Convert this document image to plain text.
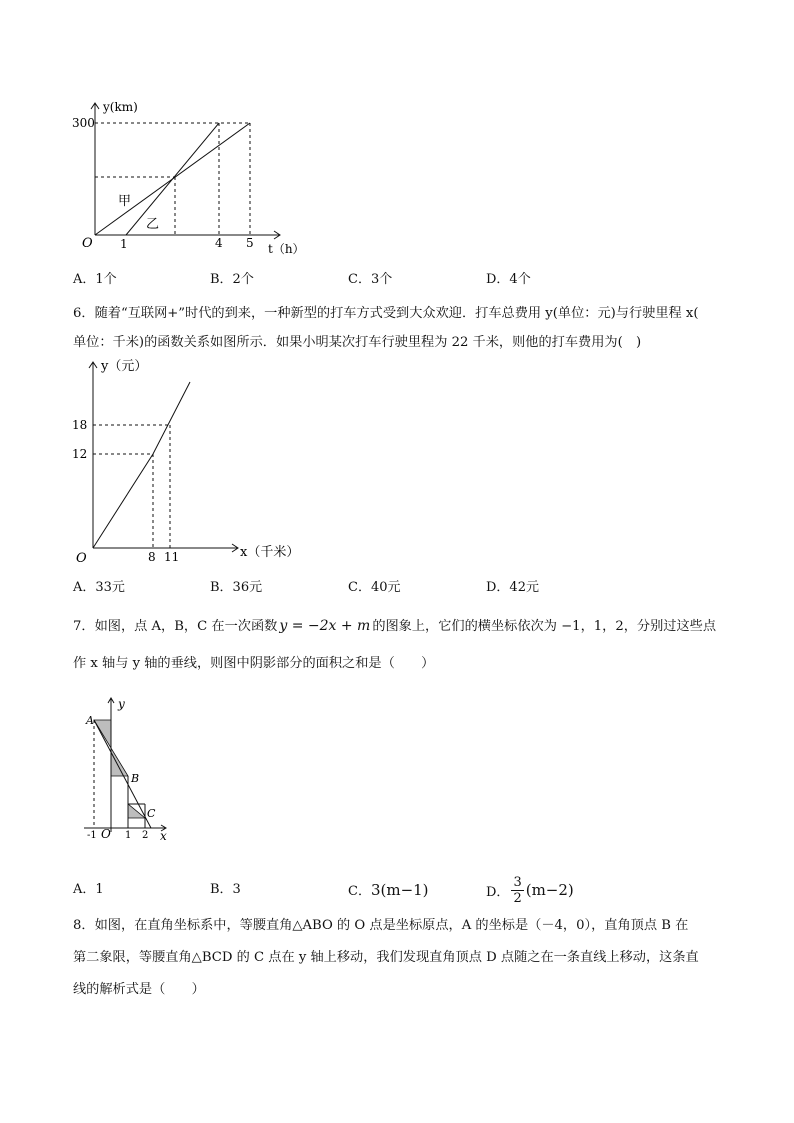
y(km)
300
O 1	4 5 t（h）
甲
乙
A．1个	B．2个	C．3个	D．4个
6．随着“互联网+”时代的到来，一种新型的打车方式受到大众欢迎．打车总费用 y(单位：元)与行驶里程 x(
单位：千米)的函数关系如图所示．如果小明某次打车行驶里程为 22 千米，则他的打车费用为(　)
y（元）
18
12
O	8 11	x（千米）
A．33元	B．36元	C．40元	D．42元
7．如图，点 A，B，C 在一次函数 y = −2x + m 的图象上，它们的横坐标依次为 −1，1，2，分别过这些点
作 x 轴与 y 轴的垂线，则图中阴影部分的面积之和是（　　）
A
B
C
y
x
O
-1	1 2
A．1	B．3	C．3(m−1)	D． $\frac{3}{2} (m-2)$
8．如图，在直角坐标系中，等腰直角△ABO 的 O 点是坐标原点，A 的坐标是（－4，0），直角顶点 B 在
第二象限，等腰直角△BCD 的 C 点在 y 轴上移动，我们发现直角顶点 D 点随之在一条直线上移动，这条直
线的解析式是（　　）
